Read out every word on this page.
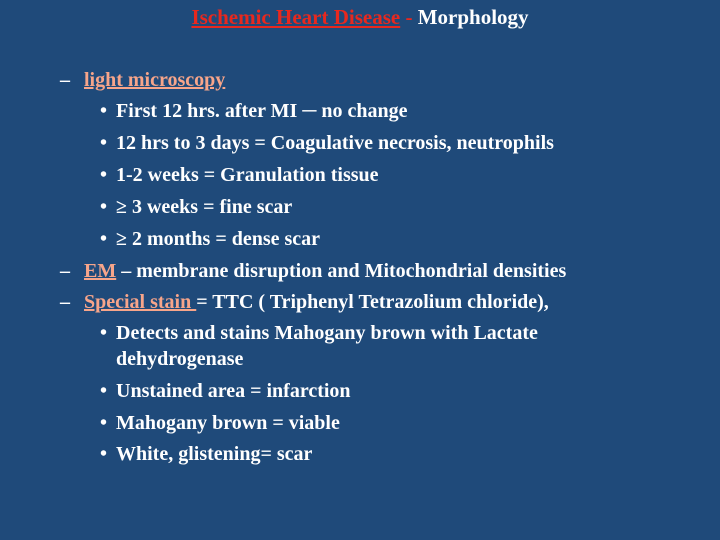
Ischemic Heart Disease - Morphology
– light microscopy
• First 12 hrs. after MI ─ no change
• 12 hrs to 3 days = Coagulative necrosis, neutrophils
• 1-2 weeks = Granulation tissue
• ≥ 3 weeks = fine scar
• ≥ 2 months = dense scar
– EM – membrane disruption and Mitochondrial densities
– Special stain = TTC ( Triphenyl Tetrazolium chloride),
• Detects and stains Mahogany brown with Lactate
dehydrogenase
• Unstained area = infarction
• Mahogany brown = viable
• White, glistening= scar
